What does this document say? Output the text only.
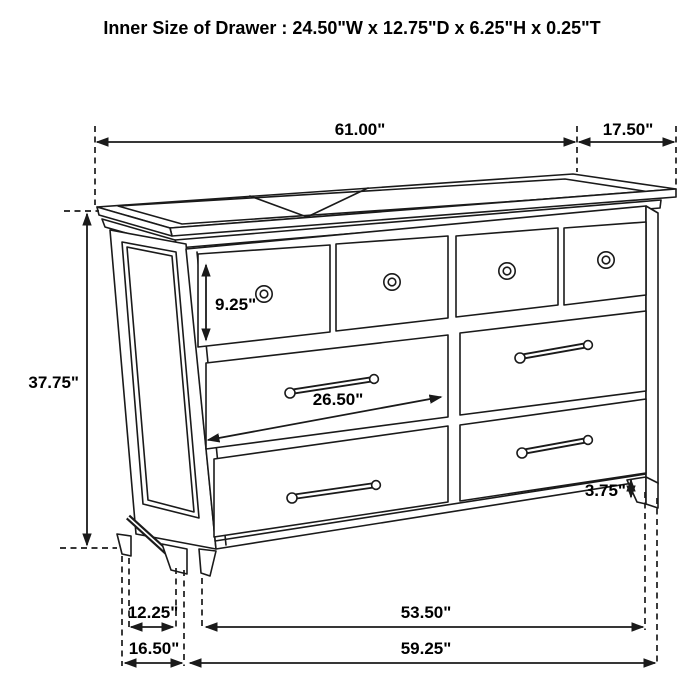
Inner Size of Drawer : 24.50"W x 12.75"D x 6.25"H x 0.25"T
61.00"	17.50"
37.75"
9.25"
26.50"
3.75"
12.25"
16.50"
53.50"
59.25"
